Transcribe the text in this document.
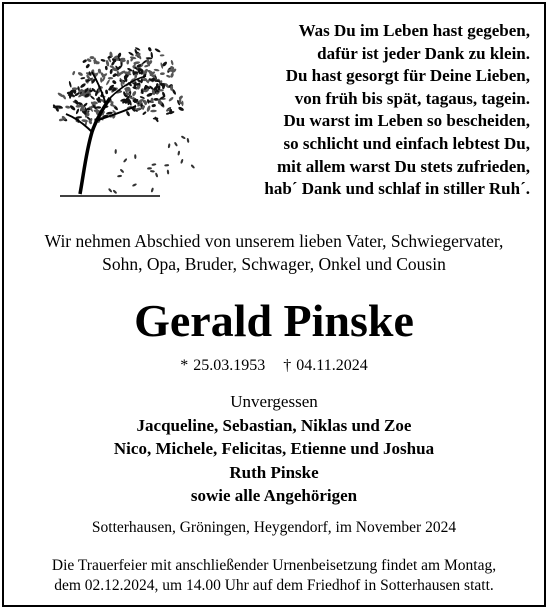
Was Du im Leben hast gegeben,
dafür ist jeder Dank zu klein.
Du hast gesorgt für Deine Lieben,
von früh bis spät, tagaus, tagein.
Du warst im Leben so bescheiden,
so schlicht und einfach lebtest Du,
mit allem warst Du stets zufrieden,
hab´ Dank und schlaf in stiller Ruh´.
Wir nehmen Abschied von unserem lieben Vater, Schwiegervater,
Sohn, Opa, Bruder, Schwager, Onkel und Cousin
Gerald Pinske
* 25.03.1953 † 04.11.2024
Unvergessen
Jacqueline, Sebastian, Niklas und Zoe
Nico, Michele, Felicitas, Etienne und Joshua
Ruth Pinske
sowie alle Angehörigen
Sotterhausen, Gröningen, Heygendorf, im November 2024
Die Trauerfeier mit anschließender Urnenbeisetzung findet am Montag,
dem 02.12.2024, um 14.00 Uhr auf dem Friedhof in Sotterhausen statt.
